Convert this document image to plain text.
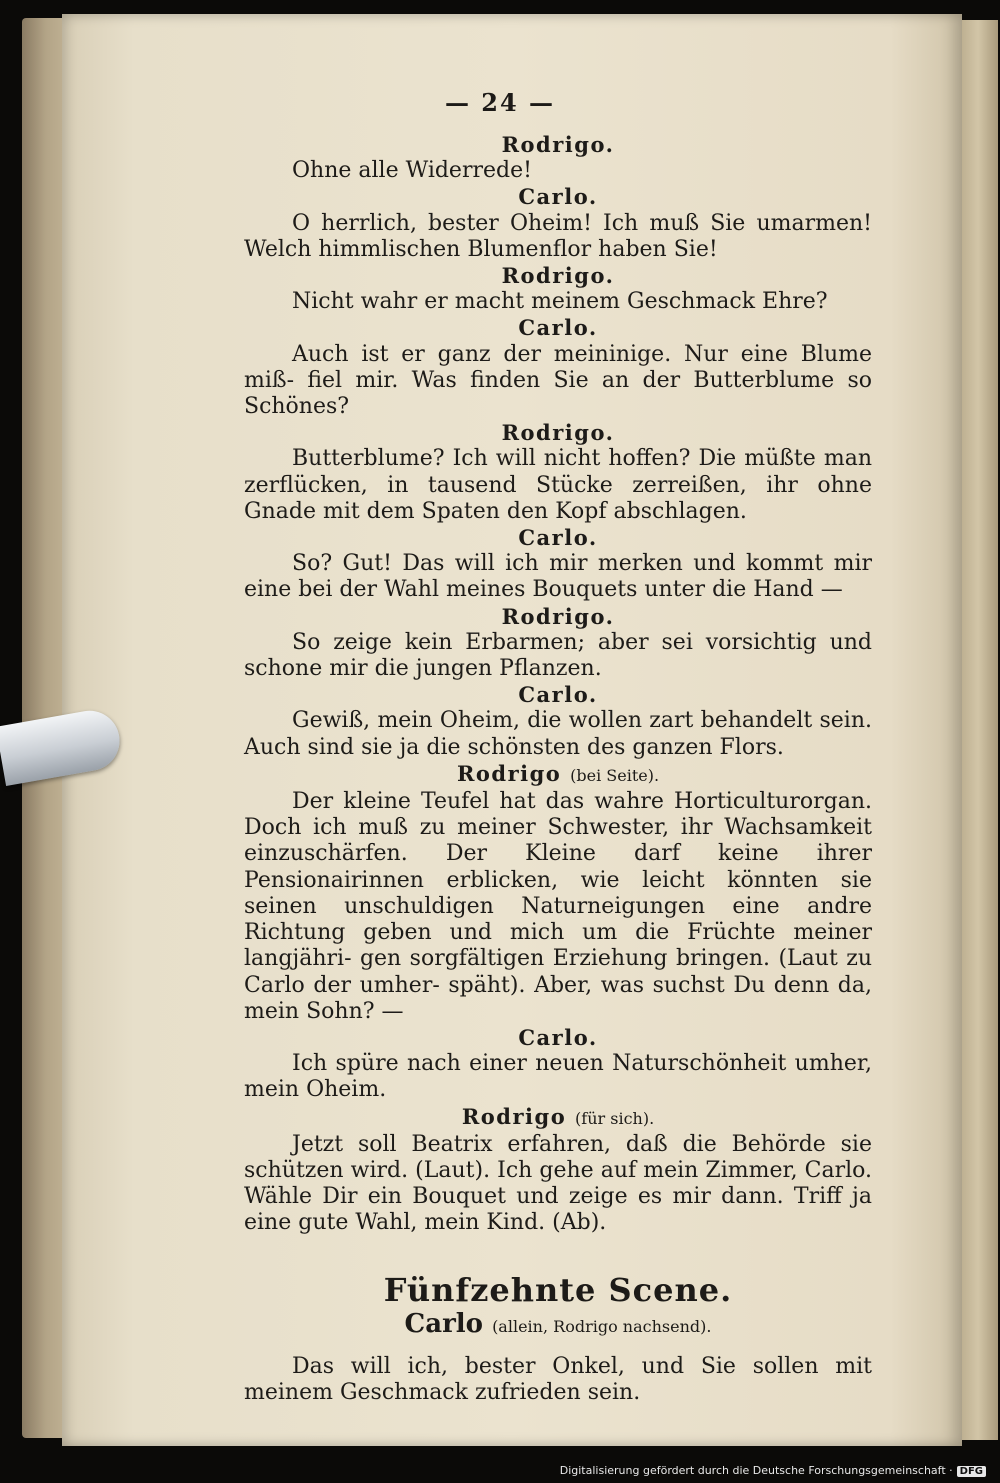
— 24 —
Rodrigo.

Ohne alle Widerrede!

Carlo.

O herrlich, bester Oheim! Ich muß Sie umarmen! Welch himmlischen Blumenflor haben Sie!

Rodrigo.

Nicht wahr er macht meinem Geschmack Ehre?

Carlo.

Auch ist er ganz der meininige. Nur eine Blume miß- fiel mir. Was finden Sie an der Butterblume so Schönes?

Rodrigo.

Butterblume? Ich will nicht hoffen? Die müßte man zerflücken, in tausend Stücke zerreißen, ihr ohne Gnade mit dem Spaten den Kopf abschlagen.

Carlo.

So? Gut! Das will ich mir merken und kommt mir eine bei der Wahl meines Bouquets unter die Hand —

Rodrigo.

So zeige kein Erbarmen; aber sei vorsichtig und schone mir die jungen Pflanzen.

Carlo.

Gewiß, mein Oheim, die wollen zart behandelt sein. Auch sind sie ja die schönsten des ganzen Flors.

Rodrigo (bei Seite).

Der kleine Teufel hat das wahre Horticulturorgan. Doch ich muß zu meiner Schwester, ihr Wachsamkeit einzuschärfen. Der Kleine darf keine ihrer Pensionairinnen erblicken, wie leicht könnten sie seinen unschuldigen Naturneigungen eine andre Richtung geben und mich um die Früchte meiner langjähri- gen sorgfältigen Erziehung bringen. (Laut zu Carlo der umher- späht). Aber, was suchst Du denn da, mein Sohn? —

Carlo.

Ich spüre nach einer neuen Naturschönheit umher, mein Oheim.

Rodrigo (für sich).

Jetzt soll Beatrix erfahren, daß die Behörde sie schützen wird. (Laut). Ich gehe auf mein Zimmer, Carlo. Wähle Dir ein Bouquet und zeige es mir dann. Triff ja eine gute Wahl, mein Kind. (Ab).

Fünfzehnte Scene.
Carlo (allein, Rodrigo nachsend).

Das will ich, bester Onkel, und Sie sollen mit meinem Geschmack zufrieden sein.

Digitalisierung gefördert durch die Deutsche Forschungsgemeinschaft · DFG
